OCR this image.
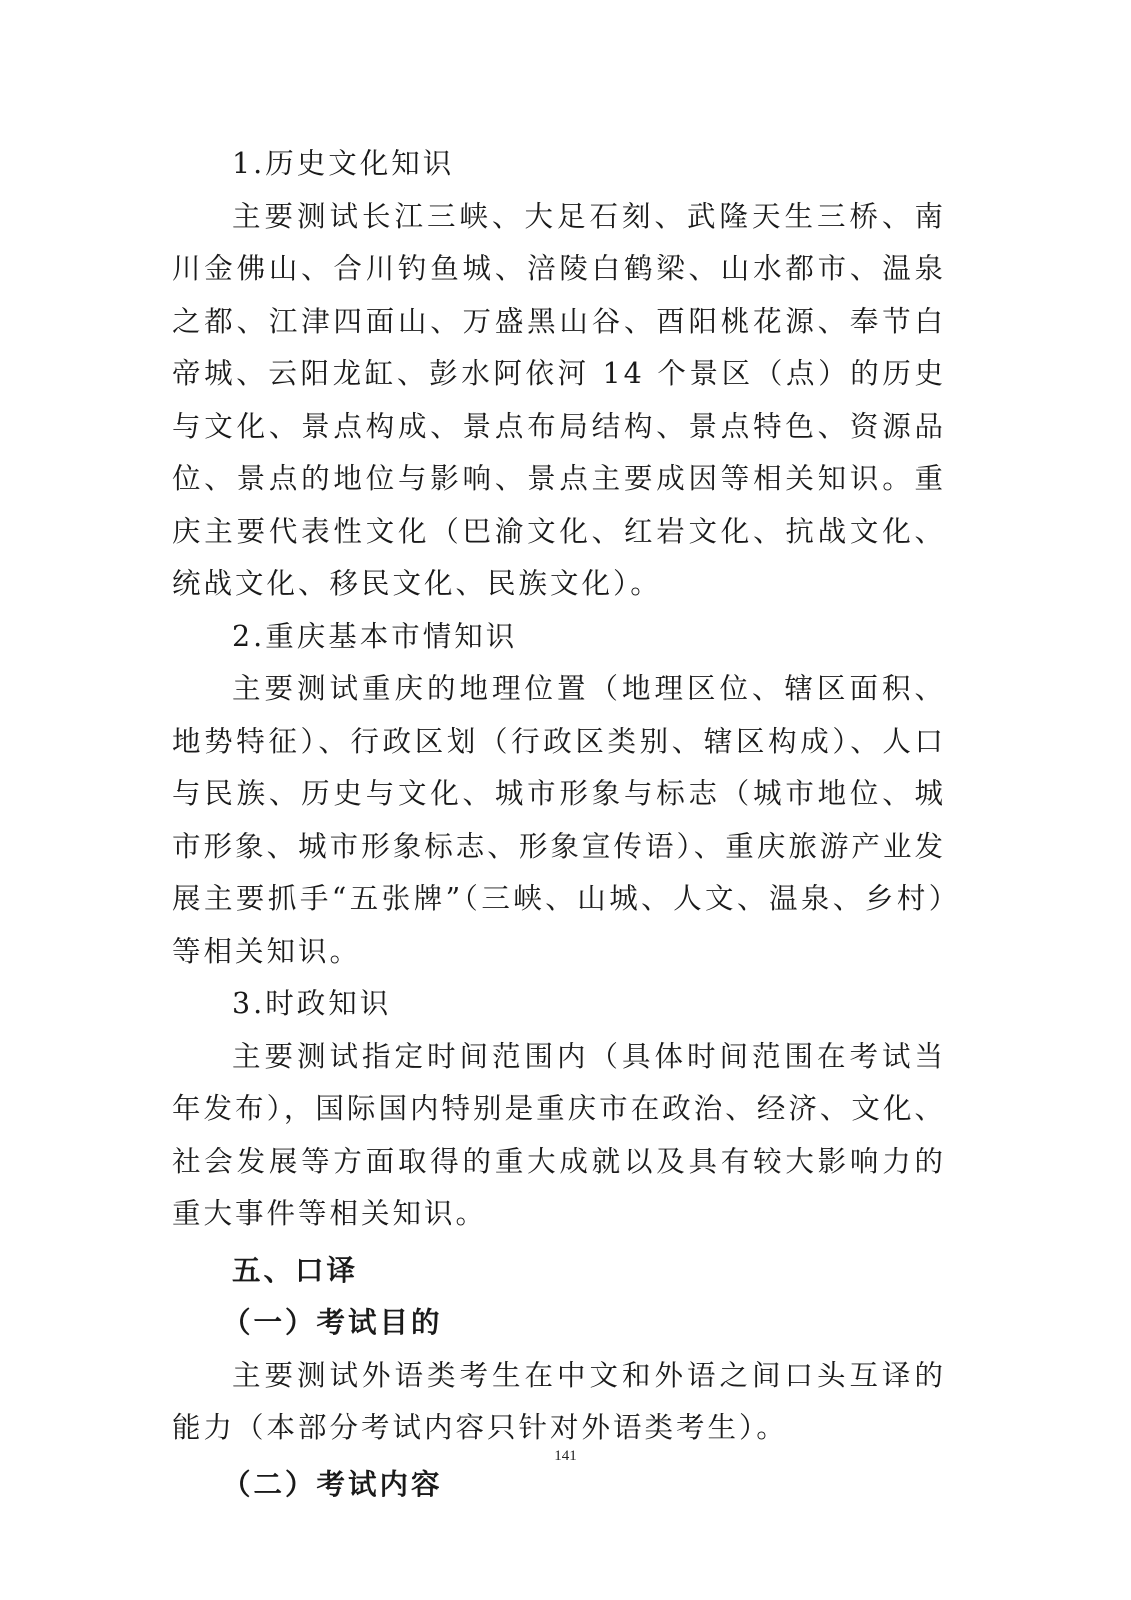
1.历史文化知识

主要测试长江三峡、大足石刻、武隆天生三桥、南川金佛山、合川钓鱼城、涪陵白鹤梁、山水都市、温泉之都、江津四面山、万盛黑山谷、酉阳桃花源、奉节白帝城、云阳龙缸、彭水阿依河 14 个景区（点）的历史与文化、景点构成、景点布局结构、景点特色、资源品位、景点的地位与影响、景点主要成因等相关知识。重庆主要代表性文化（巴渝文化、红岩文化、抗战文化、统战文化、移民文化、民族文化）。

2.重庆基本市情知识

主要测试重庆的地理位置（地理区位、辖区面积、地势特征）、行政区划（行政区类别、辖区构成）、人口与民族、历史与文化、城市形象与标志（城市地位、城市形象、城市形象标志、形象宣传语）、重庆旅游产业发展主要抓手“五张牌”（三峡、山城、人文、温泉、乡村）等相关知识。

3.时政知识

主要测试指定时间范围内（具体时间范围在考试当年发布），国际国内特别是重庆市在政治、经济、文化、社会发展等方面取得的重大成就以及具有较大影响力的重大事件等相关知识。

五、口译

（一）考试目的

主要测试外语类考生在中文和外语之间口头互译的能力（本部分考试内容只针对外语类考生）。

（二）考试内容

141
